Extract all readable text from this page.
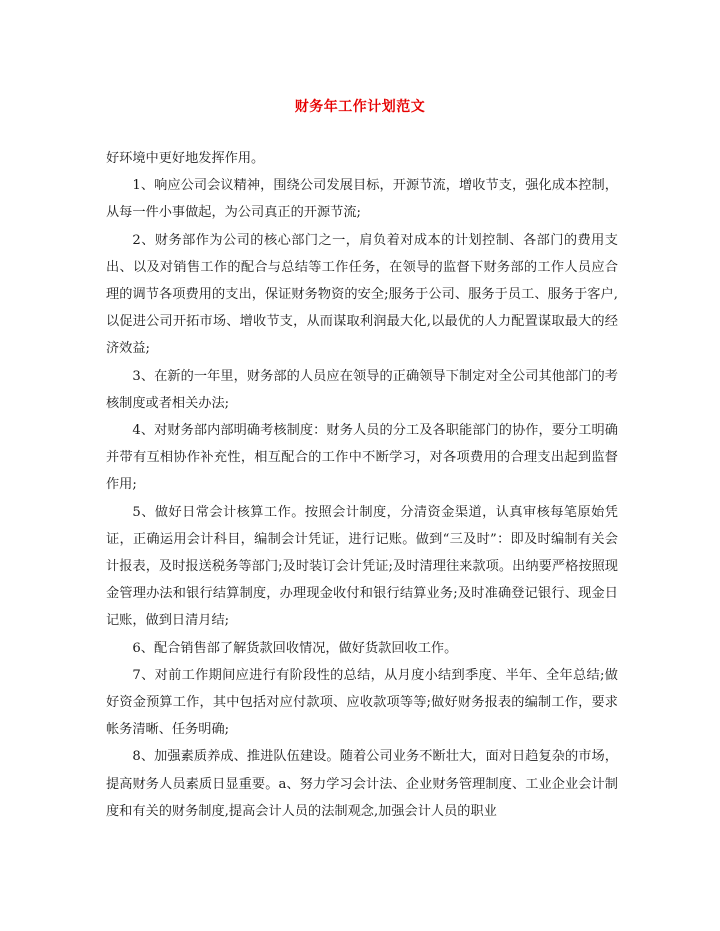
财务年工作计划范文

好环境中更好地发挥作用。

1、响应公司会议精神，围绕公司发展目标，开源节流，增收节支，强化成本控制，从每一件小事做起，为公司真正的开源节流;

2、财务部作为公司的核心部门之一，肩负着对成本的计划控制、各部门的费用支出、以及对销售工作的配合与总结等工作任务，在领导的监督下财务部的工作人员应合理的调节各项费用的支出，保证财务物资的安全;服务于公司、服务于员工、服务于客户,以促进公司开拓市场、增收节支，从而谋取利润最大化,以最优的人力配置谋取最大的经济效益;

3、在新的一年里，财务部的人员应在领导的正确领导下制定对全公司其他部门的考核制度或者相关办法;

4、对财务部内部明确考核制度：财务人员的分工及各职能部门的协作，要分工明确并带有互相协作补充性，相互配合的工作中不断学习，对各项费用的合理支出起到监督作用;

5、做好日常会计核算工作。按照会计制度，分清资金渠道，认真审核每笔原始凭证，正确运用会计科目，编制会计凭证，进行记账。做到“三及时”：即及时编制有关会计报表，及时报送税务等部门;及时装订会计凭证;及时清理往来款项。出纳要严格按照现金管理办法和银行结算制度，办理现金收付和银行结算业务;及时准确登记银行、现金日记账，做到日清月结;

6、配合销售部了解货款回收情况，做好货款回收工作。

7、对前工作期间应进行有阶段性的总结，从月度小结到季度、半年、全年总结;做好资金预算工作，其中包括对应付款项、应收款项等等;做好财务报表的编制工作，要求帐务清晰、任务明确;

8、加强素质养成、推进队伍建设。随着公司业务不断壮大，面对日趋复杂的市场，提高财务人员素质日显重要。a、努力学习会计法、企业财务管理制度、工业企业会计制度和有关的财务制度,提高会计人员的法制观念,加强会计人员的职业
